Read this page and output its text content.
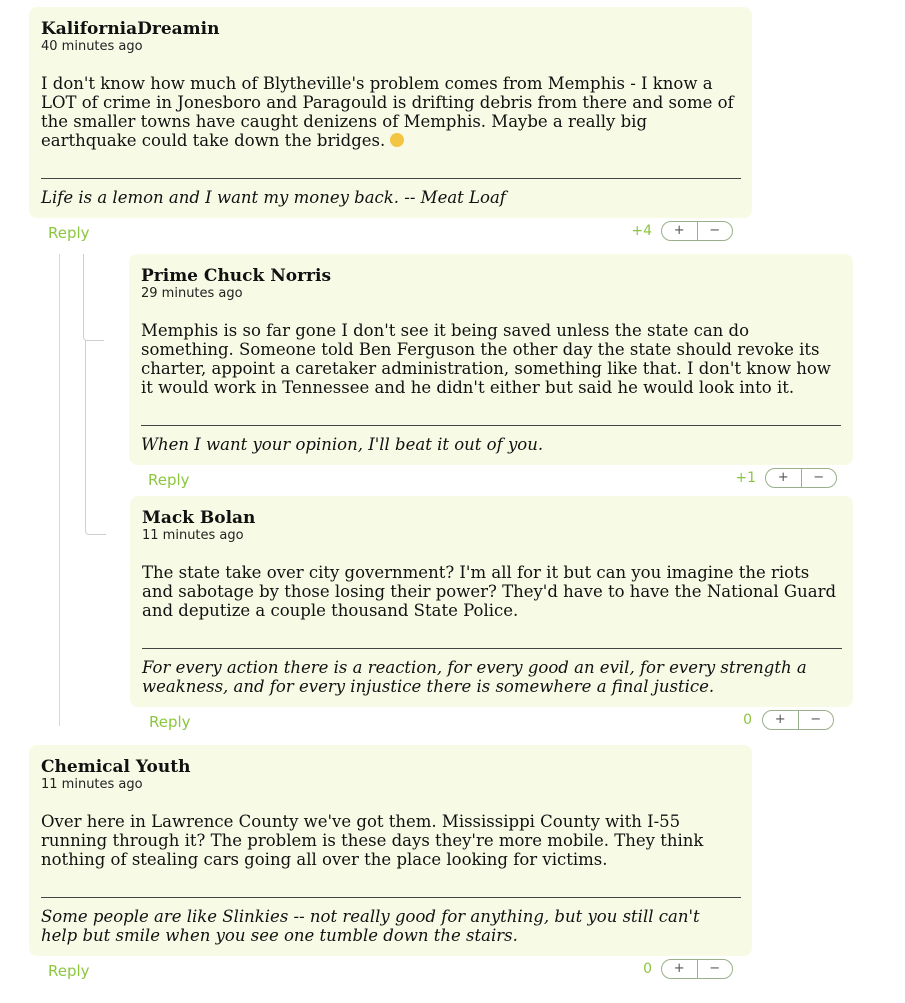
KaliforniaDreamin
40 minutes ago
I don't know how much of Blytheville's problem comes from Memphis - I know a LOT of crime in Jonesboro and Paragould is drifting debris from there and some of the smaller towns have caught denizens of Memphis. Maybe a really big earthquake could take down the bridges.
Life is a lemon and I want my money back. -- Meat Loaf
Reply	+4	+	−
Prime Chuck Norris
29 minutes ago
Memphis is so far gone I don't see it being saved unless the state can do something. Someone told Ben Ferguson the other day the state should revoke its charter, appoint a caretaker administration, something like that. I don't know how it would work in Tennessee and he didn't either but said he would look into it.
When I want your opinion, I'll beat it out of you.
Reply	+1	+	−
Mack Bolan
11 minutes ago
The state take over city government? I'm all for it but can you imagine the riots and sabotage by those losing their power? They'd have to have the National Guard and deputize a couple thousand State Police.
For every action there is a reaction, for every good an evil, for every strength a weakness, and for every injustice there is somewhere a final justice.
Reply	0	+	−
Chemical Youth
11 minutes ago
Over here in Lawrence County we've got them. Mississippi County with I-55 running through it? The problem is these days they're more mobile. They think nothing of stealing cars going all over the place looking for victims.
Some people are like Slinkies -- not really good for anything, but you still can't help but smile when you see one tumble down the stairs.
Reply	0	+	−
